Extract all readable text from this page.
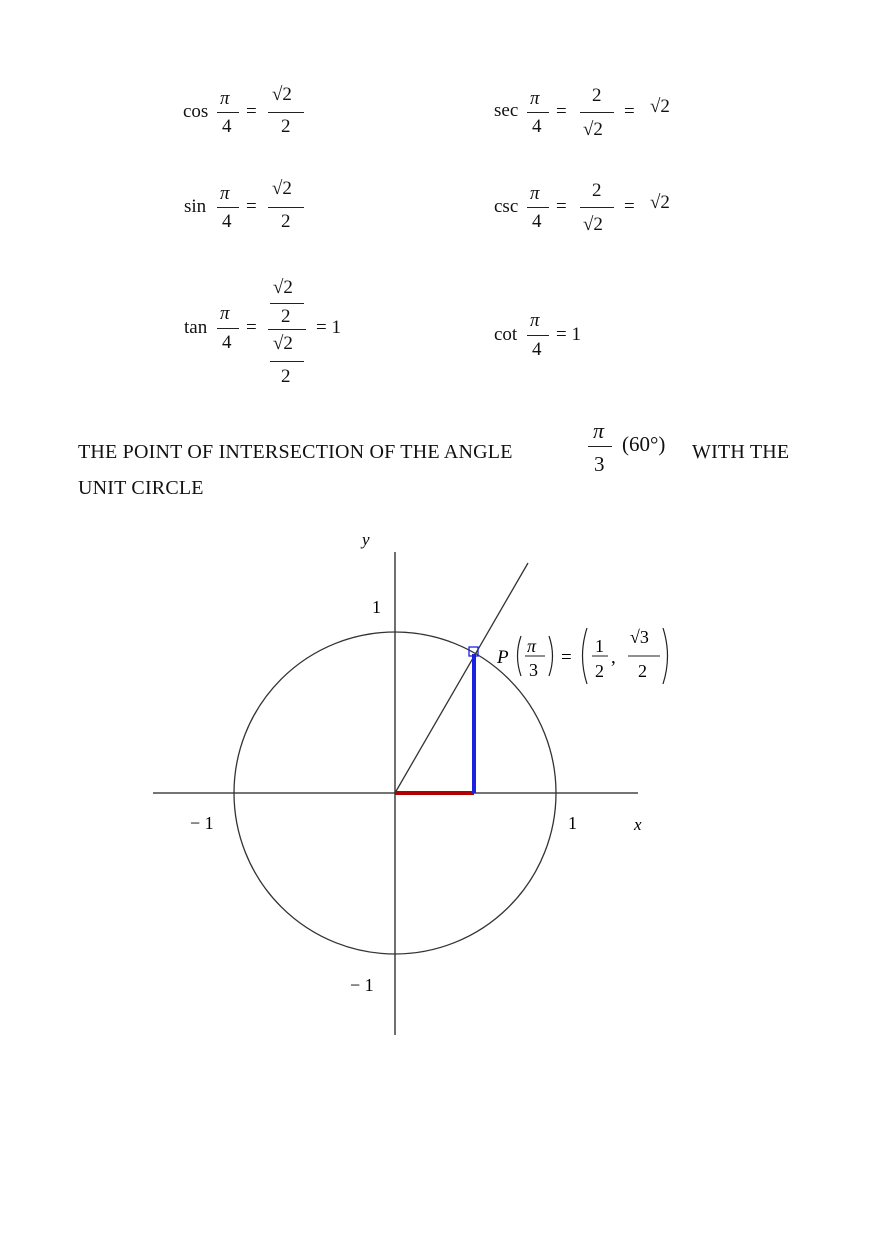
cos
π
4
=
√2
2
sec
π
4
=
2
√2
= √2
sin
π
4
=
√2
2
csc
π
4
=
2
√2
= √2
tan
π
4
=
√2
2
√2
2
= 1	cot
π
4
= 1
THE POINT OF INTERSECTION OF THE ANGLE
π
3
(60°) WITH THE
UNIT CIRCLE
y
x
1
− 1
1
− 1
P
π
3
=
1
2
,
√3
2
